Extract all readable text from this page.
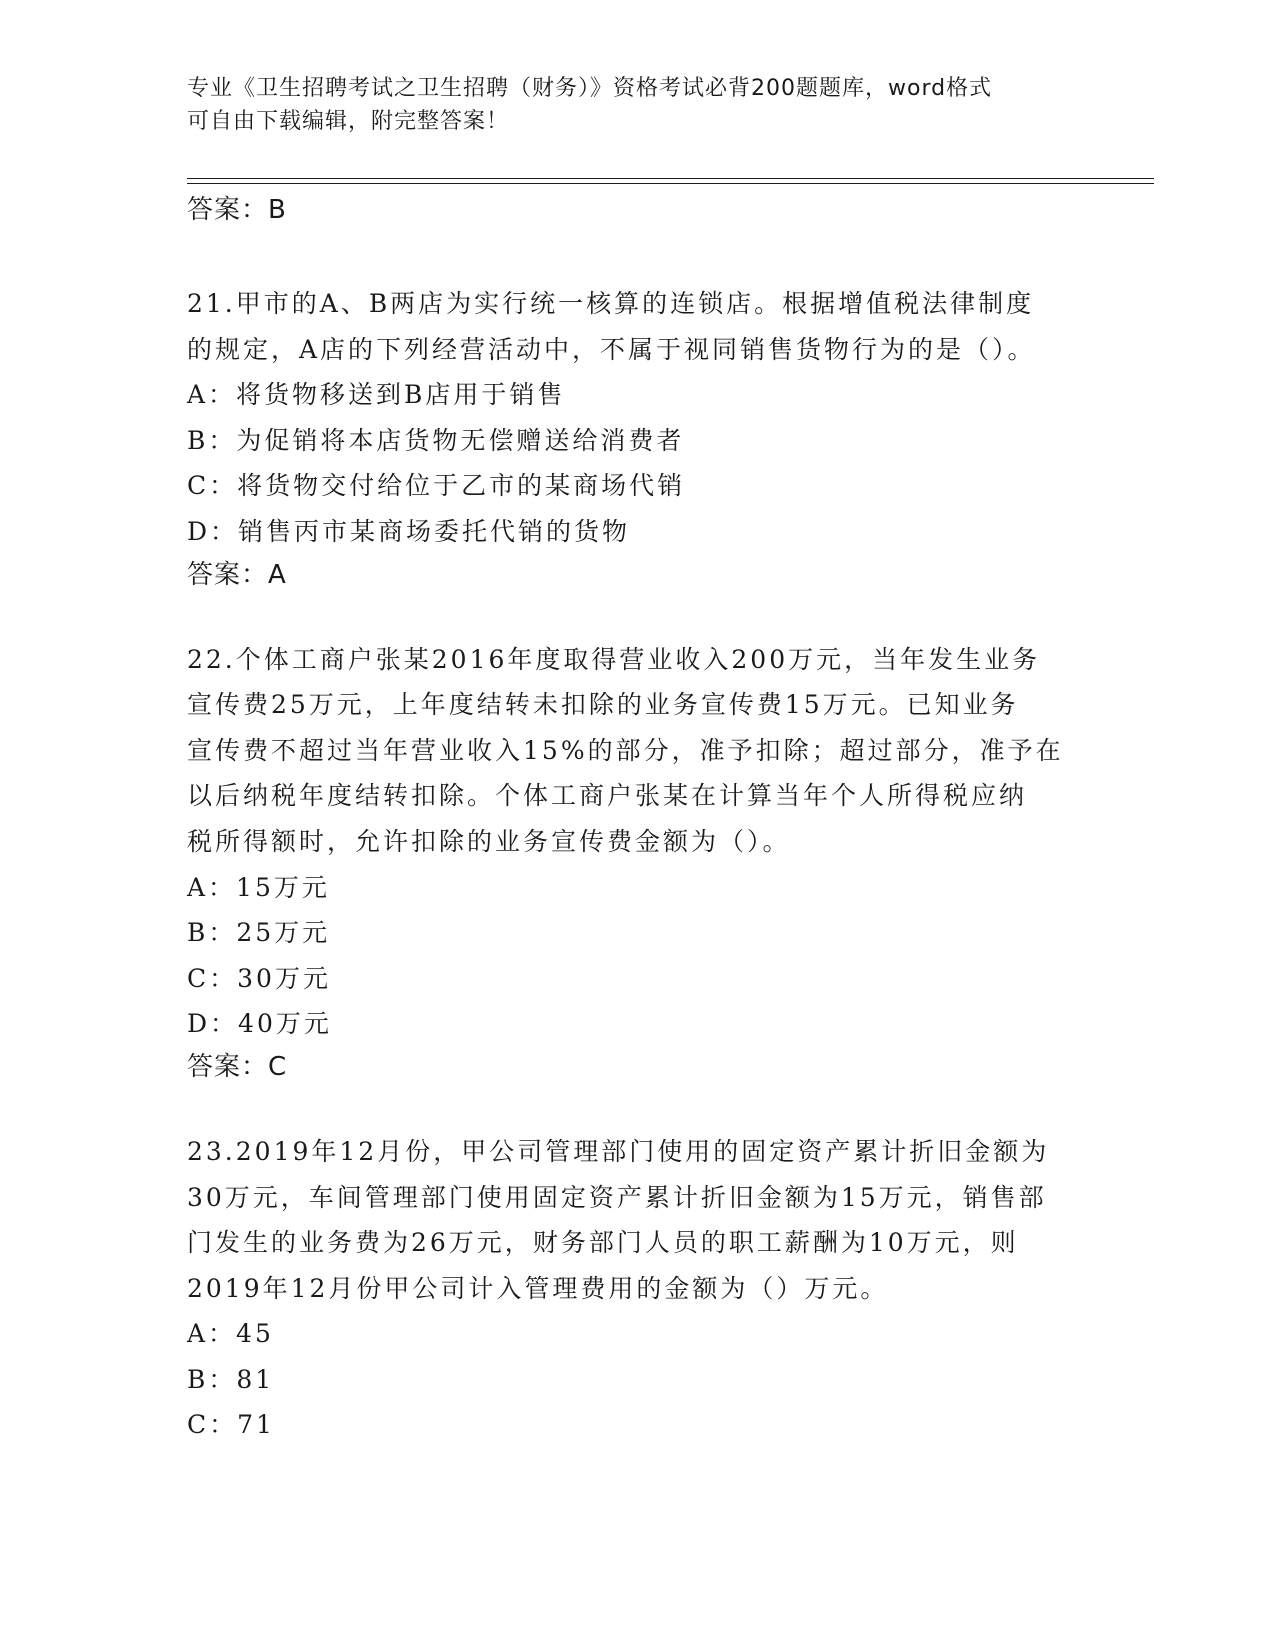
专业《卫生招聘考试之卫生招聘（财务）》资格考试必背200题题库，word格式
可自由下载编辑，附完整答案！
答案：B
21.甲市的A、B两店为实行统一核算的连锁店。根据增值税法律制度
的规定，A店的下列经营活动中，不属于视同销售货物行为的是（）。
A：将货物移送到B店用于销售
B：为促销将本店货物无偿赠送给消费者
C：将货物交付给位于乙市的某商场代销
D：销售丙市某商场委托代销的货物
答案：A
22.个体工商户张某2016年度取得营业收入200万元，当年发生业务
宣传费25万元，上年度结转未扣除的业务宣传费15万元。已知业务
宣传费不超过当年营业收入15%的部分，准予扣除；超过部分，准予在
以后纳税年度结转扣除。个体工商户张某在计算当年个人所得税应纳
税所得额时，允许扣除的业务宣传费金额为（）。
A：15万元
B：25万元
C：30万元
D：40万元
答案：C
23.2019年12月份，甲公司管理部门使用的固定资产累计折旧金额为
30万元，车间管理部门使用固定资产累计折旧金额为15万元，销售部
门发生的业务费为26万元，财务部门人员的职工薪酬为10万元，则
2019年12月份甲公司计入管理费用的金额为（）万元。
A：45
B：81
C：71
